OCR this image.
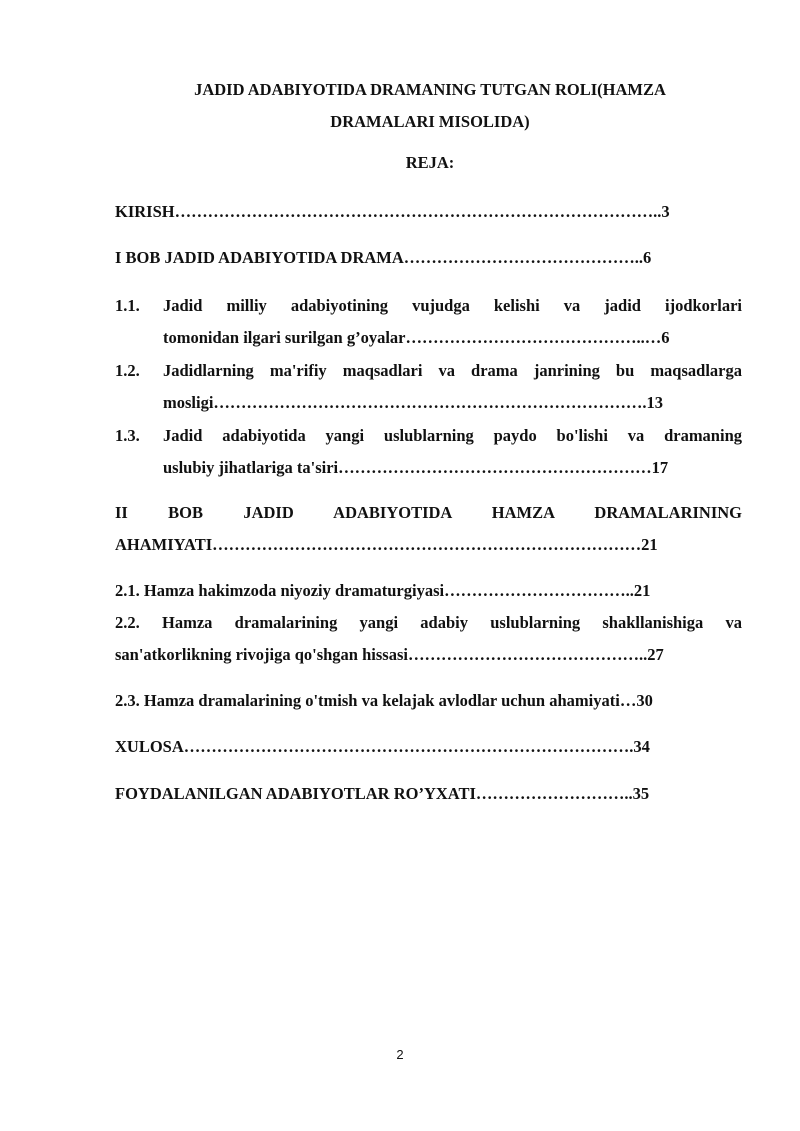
JADID ADABIYOTIDA DRAMANING TUTGAN ROLI(HAMZA
DRAMALARI MISOLIDA)
REJA:
KIRISH……………………………………………………………………………..3
I BOB JADID ADABIYOTIDA DRAMA……………………………………..6
1.1. Jadid milliy adabiyotining vujudga kelishi va jadid ijodkorlari
tomonidan ilgari surilgan g’oyalar……………………………………..…6
1.2. Jadidlarning ma'rifiy maqsadlari va drama janrining bu maqsadlarga
mosligi…………………………………………………………………….13
1.3. Jadid adabiyotida yangi uslublarning paydo bo'lishi va dramaning
uslubiy jihatlariga ta'siri…………………………………………………17
II BOB JADID ADABIYOTIDA HAMZA DRAMALARINING
AHAMIYATI……………………………………………………………………21
2.1. Hamza hakimzoda niyoziy dramaturgiyasi……………………………..21
2.2. Hamza dramalarining yangi adabiy uslublarning shakllanishiga va
san'atkorlikning rivojiga qo'shgan hissasi……………………………………..27
2.3. Hamza dramalarining o'tmish va kelajak avlodlar uchun ahamiyati…30
XULOSA……………………………………………………………………….34
FOYDALANILGAN ADABIYOTLAR RO’YXATI………………………..35
2
